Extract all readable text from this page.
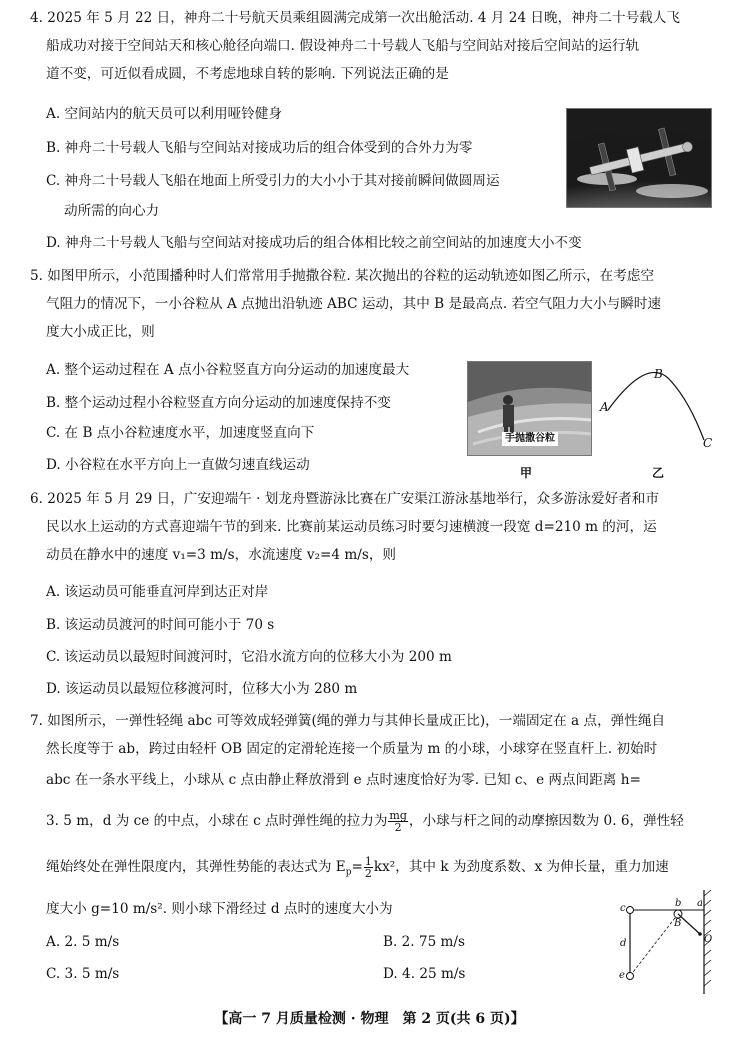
4. 2025 年 5 月 22 日，神舟二十号航天员乘组圆满完成第一次出舱活动. 4 月 24 日晚，神舟二十号载人飞
船成功对接于空间站天和核心舱径向端口. 假设神舟二十号载人飞船与空间站对接后空间站的运行轨
道不变，可近似看成圆，不考虑地球自转的影响. 下列说法正确的是
A. 空间站内的航天员可以利用哑铃健身
B. 神舟二十号载人飞船与空间站对接成功后的组合体受到的合外力为零
C. 神舟二十号载人飞船在地面上所受引力的大小小于其对接前瞬间做圆周运
动所需的向心力
D. 神舟二十号载人飞船与空间站对接成功后的组合体相比较之前空间站的加速度大小不变
5. 如图甲所示，小范围播种时人们常常用手抛撒谷粒. 某次抛出的谷粒的运动轨迹如图乙所示，在考虑空
气阻力的情况下，一小谷粒从 A 点抛出沿轨迹 ABC 运动，其中 B 是最高点. 若空气阻力大小与瞬时速
度大小成正比，则
A. 整个运动过程在 A 点小谷粒竖直方向分运动的加速度最大
B. 整个运动过程小谷粒竖直方向分运动的加速度保持不变
C. 在 B 点小谷粒速度水平，加速度竖直向下
D. 小谷粒在水平方向上一直做匀速直线运动
手抛撒谷粒
甲
A
B
C
乙
6. 2025 年 5 月 29 日，广安迎端午 · 划龙舟暨游泳比赛在广安渠江游泳基地举行，众多游泳爱好者和市
民以水上运动的方式喜迎端午节的到来. 比赛前某运动员练习时要匀速横渡一段宽 d=210 m 的河，运
动员在静水中的速度 v₁=3 m/s，水流速度 v₂=4 m/s，则
A. 该运动员可能垂直河岸到达正对岸
B. 该运动员渡河的时间可能小于 70 s
C. 该运动员以最短时间渡河时，它沿水流方向的位移大小为 200 m
D. 该运动员以最短位移渡河时，位移大小为 280 m
7. 如图所示，一弹性轻绳 abc 可等效成轻弹簧(绳的弹力与其伸长量成正比)，一端固定在 a 点，弹性绳自
然长度等于 ab，跨过由轻杆 OB 固定的定滑轮连接一个质量为 m 的小球，小球穿在竖直杆上. 初始时
abc 在一条水平线上，小球从 c 点由静止释放滑到 e 点时速度恰好为零. 已知 c、e 两点间距离 h=
3. 5 m，d 为 ce 的中点，小球在 c 点时弹性绳的拉力为 $\frac{mg}{2}$ ，小球与杆之间的动摩擦因数为 0. 6，弹性轻
绳始终处在弹性限度内，其弹性势能的表达式为 $E_p= \frac{1}{2} kx^2$，其中 k 为劲度系数、x 为伸长量，重力加速
度大小 g=10 m/s². 则小球下滑经过 d 点时的速度大小为
A. 2. 5 m/s	B. 2. 75 m/s
C. 3. 5 m/s	D. 4. 25 m/s
c	b a
B
O
d
e
【高一 7 月质量检测 · 物理　第 2 页(共 6 页)】
